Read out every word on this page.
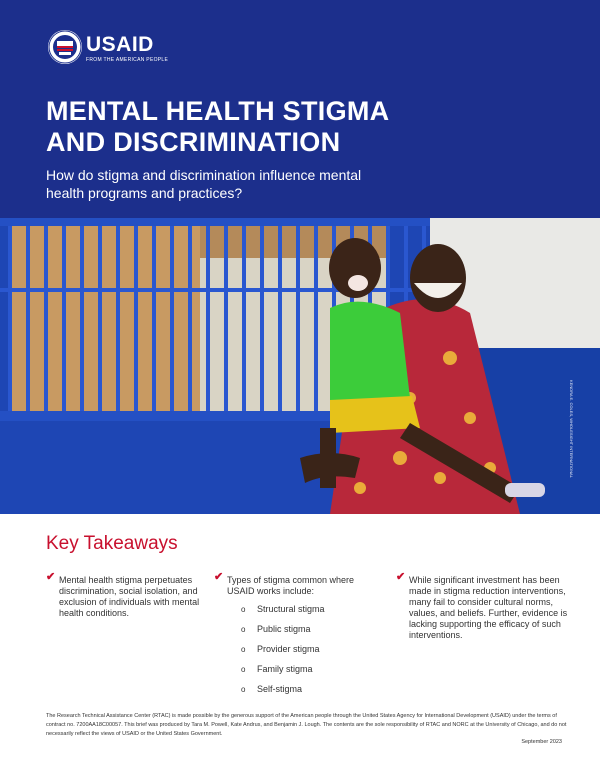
USAID
FROM THE AMERICAN PEOPLE
MENTAL HEALTH STIGMA
AND DISCRIMINATION

How do stigma and discrimination influence mental health programs and practices?

KENDRA E. COLES, WHOLESIGHT INTERNATIONAL
Key Takeaways
✔ Mental health stigma perpetuates discrimination, social isolation, and exclusion of individuals with mental health conditions.
✔ Types of stigma common where USAID works include:
o Structural stigma
o Public stigma
o Provider stigma
o Family stigma
o Self-stigma
✔ While significant investment has been made in stigma reduction interventions, many fail to consider cultural norms, values, and beliefs. Further, evidence is lacking supporting the efficacy of such interventions.

The Research Technical Assistance Center (RTAC) is made possible by the generous support of the American people through the United States Agency for International Development (USAID) under the terms of contract no. 7200AA18C00057. This brief was produced by Tara M. Powell, Kate Andrus, and Benjamin J. Lough. The contents are the sole responsibility of RTAC and NORC at the University of Chicago, and do not necessarily reflect the views of USAID or the United States Government.

September 2023
